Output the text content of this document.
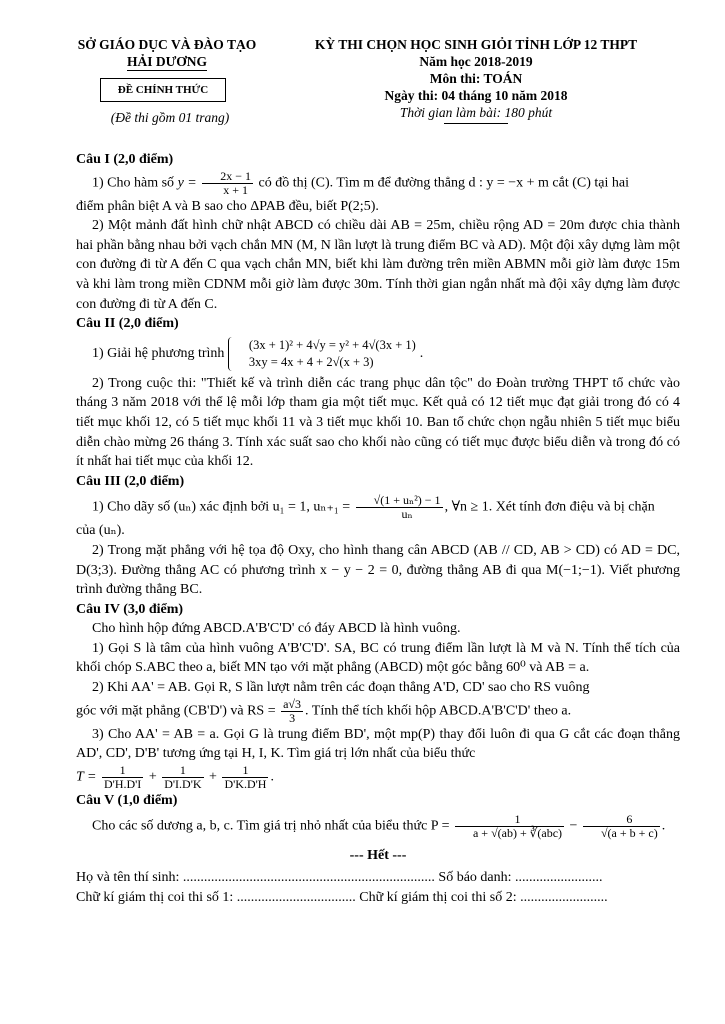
SỞ GIÁO DỤC VÀ ĐÀO TẠO
HẢI DƯƠNG
ĐỀ CHÍNH THỨC
(Đề thi gồm 01 trang)
KỲ THI CHỌN HỌC SINH GIỎI TỈNH LỚP 12 THPT
Năm học 2018-2019
Môn thi: TOÁN
Ngày thi: 04 tháng 10 năm 2018
Thời gian làm bài: 180 phút

Câu I (2,0 điểm)

1) Cho hàm số $y = \frac{2x - 1}{x + 1}$ có đồ thị (C). Tìm m để đường thẳng d : y = −x + m cắt (C) tại hai

điểm phân biệt A và B sao cho ΔPAB đều, biết P(2;5).

2) Một mảnh đất hình chữ nhật ABCD có chiều dài AB = 25m, chiều rộng AD = 20m được chia thành hai phần bằng nhau bởi vạch chắn MN (M, N lần lượt là trung điểm BC và AD). Một đội xây dựng làm một con đường đi từ A đến C qua vạch chắn MN, biết khi làm đường trên miền ABMN mỗi giờ làm được 15m và khi làm trong miền CDNM mỗi giờ làm được 30m. Tính thời gian ngắn nhất mà đội xây dựng làm được con đường đi từ A đến C.

Câu II (2,0 điểm)

1) Giải hệ phương trình
(3x + 1)² + 4√y = y² + 4√(3x + 1)
3xy = 4x + 4 + 2√(x + 3)
.

2) Trong cuộc thi: "Thiết kế và trình diễn các trang phục dân tộc" do Đoàn trường THPT tổ chức vào tháng 3 năm 2018 với thể lệ mỗi lớp tham gia một tiết mục. Kết quả có 12 tiết mục đạt giải trong đó có 4 tiết mục khối 12, có 5 tiết mục khối 11 và 3 tiết mục khối 10. Ban tổ chức chọn ngẫu nhiên 5 tiết mục biểu diễn chào mừng 26 tháng 3. Tính xác suất sao cho khối nào cũng có tiết mục được biểu diễn và trong đó có ít nhất hai tiết mục của khối 12.

Câu III (2,0 điểm)

1) Cho dãy số (uₙ) xác định bởi u₁ = 1, $u_{n+1} = \frac{\text{√(1 + uₙ²) − 1}}{\text{uₙ}}$ , ∀n ≥ 1. Xét tính đơn điệu và bị chặn

của (uₙ).

2) Trong mặt phẳng với hệ tọa độ Oxy, cho hình thang cân ABCD (AB // CD, AB > CD) có AD = DC, D(3;3). Đường thẳng AC có phương trình x − y − 2 = 0, đường thẳng AB đi qua M(−1;−1). Viết phương trình đường thẳng BC.

Câu IV (3,0 điểm)

Cho hình hộp đứng ABCD.A'B'C'D' có đáy ABCD là hình vuông.

1) Gọi S là tâm của hình vuông A'B'C'D'. SA, BC có trung điểm lần lượt là M và N. Tính thể tích của khối chóp S.ABC theo a, biết MN tạo với mặt phẳng (ABCD) một góc bằng 60⁰ và AB = a.

2) Khi AA' = AB. Gọi R, S lần lượt nằm trên các đoạn thẳng A'D, CD' sao cho RS vuông

góc với mặt phẳng (CB'D') và RS = $\frac{a√3}{3}$ . Tính thể tích khối hộp ABCD.A'B'C'D' theo a.

3) Cho AA' = AB = a. Gọi G là trung điểm BD', một mp(P) thay đổi luôn đi qua G cắt các đoạn thẳng AD', CD', D'B' tương ứng tại H, I, K. Tìm giá trị lớn nhất của biểu thức

$T = \frac{1}{D'H.D'I} + \frac{1}{D'I.D'K} + \frac{1}{D'K.D'H}$ .

Câu V (1,0 điểm)

Cho các số dương a, b, c. Tìm giá trị nhỏ nhất của biểu thức $P = \frac{1}{\text{a + √(ab) + ∛(abc)}} - \frac{6}{√(a + b + c)}$ .

--- Hết ---

Họ và tên thí sinh: ........................................................................ Số báo danh: .........................

Chữ kí giám thị coi thi số 1: .................................. Chữ kí giám thị coi thi số 2: .........................
